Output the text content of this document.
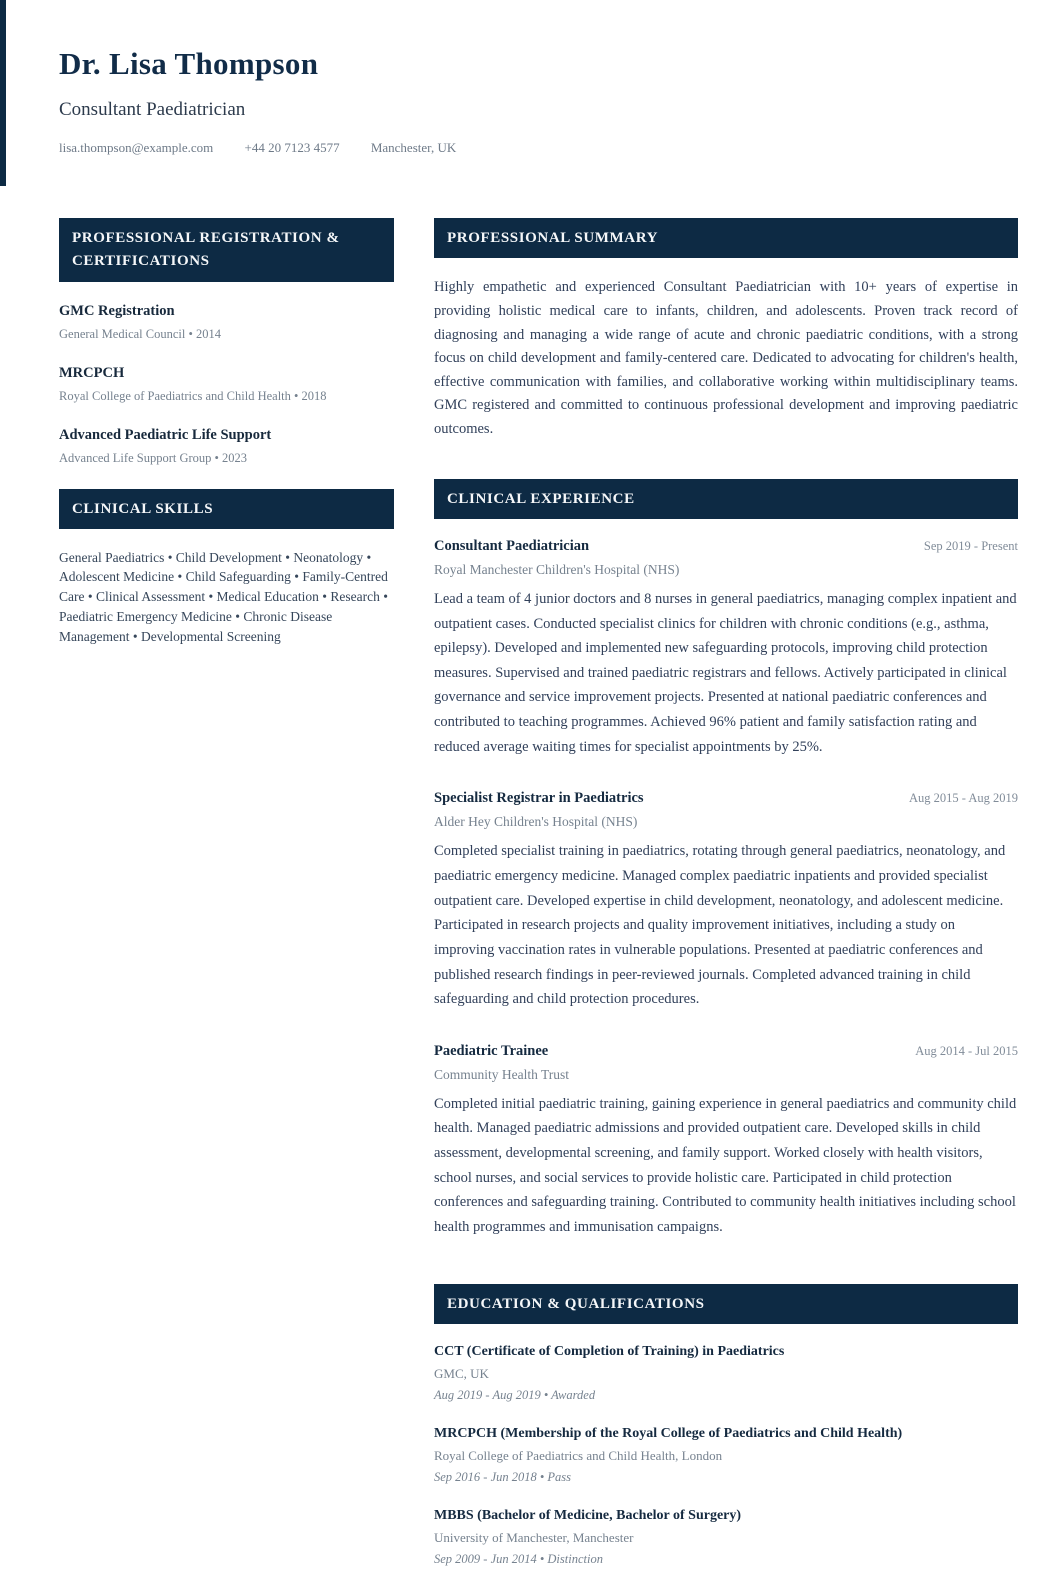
Dr. Lisa Thompson
Consultant Paediatrician
lisa.thompson@example.com +44 20 7123 4577 Manchester, UK
PROFESSIONAL REGISTRATION & CERTIFICATIONS
GMC Registration
General Medical Council • 2014
MRCPCH
Royal College of Paediatrics and Child Health • 2018
Advanced Paediatric Life Support
Advanced Life Support Group • 2023
CLINICAL SKILLS

General Paediatrics • Child Development • Neonatology • Adolescent Medicine • Child Safeguarding • Family-Centred Care • Clinical Assessment • Medical Education • Research • Paediatric Emergency Medicine • Chronic Disease Management • Developmental Screening

PROFESSIONAL SUMMARY

Highly empathetic and experienced Consultant Paediatrician with 10+ years of expertise in providing holistic medical care to infants, children, and adolescents. Proven track record of diagnosing and managing a wide range of acute and chronic paediatric conditions, with a strong focus on child development and family-centered care. Dedicated to advocating for children's health, effective communication with families, and collaborative working within multidisciplinary teams. GMC registered and committed to continuous professional development and improving paediatric outcomes.

CLINICAL EXPERIENCE
Consultant Paediatrician	Sep 2019 - Present
Royal Manchester Children's Hospital (NHS)

Lead a team of 4 junior doctors and 8 nurses in general paediatrics, managing complex inpatient and outpatient cases. Conducted specialist clinics for children with chronic conditions (e.g., asthma, epilepsy). Developed and implemented new safeguarding protocols, improving child protection measures. Supervised and trained paediatric registrars and fellows. Actively participated in clinical governance and service improvement projects. Presented at national paediatric conferences and contributed to teaching programmes. Achieved 96% patient and family satisfaction rating and reduced average waiting times for specialist appointments by 25%.

Specialist Registrar in Paediatrics	Aug 2015 - Aug 2019
Alder Hey Children's Hospital (NHS)

Completed specialist training in paediatrics, rotating through general paediatrics, neonatology, and paediatric emergency medicine. Managed complex paediatric inpatients and provided specialist outpatient care. Developed expertise in child development, neonatology, and adolescent medicine. Participated in research projects and quality improvement initiatives, including a study on improving vaccination rates in vulnerable populations. Presented at paediatric conferences and published research findings in peer-reviewed journals. Completed advanced training in child safeguarding and child protection procedures.

Paediatric Trainee	Aug 2014 - Jul 2015
Community Health Trust

Completed initial paediatric training, gaining experience in general paediatrics and community child health. Managed paediatric admissions and provided outpatient care. Developed skills in child assessment, developmental screening, and family support. Worked closely with health visitors, school nurses, and social services to provide holistic care. Participated in child protection conferences and safeguarding training. Contributed to community health initiatives including school health programmes and immunisation campaigns.

EDUCATION & QUALIFICATIONS
CCT (Certificate of Completion of Training) in Paediatrics
GMC, UK
Aug 2019 - Aug 2019 • Awarded
MRCPCH (Membership of the Royal College of Paediatrics and Child Health)
Royal College of Paediatrics and Child Health, London
Sep 2016 - Jun 2018 • Pass
MBBS (Bachelor of Medicine, Bachelor of Surgery)
University of Manchester, Manchester
Sep 2009 - Jun 2014 • Distinction
